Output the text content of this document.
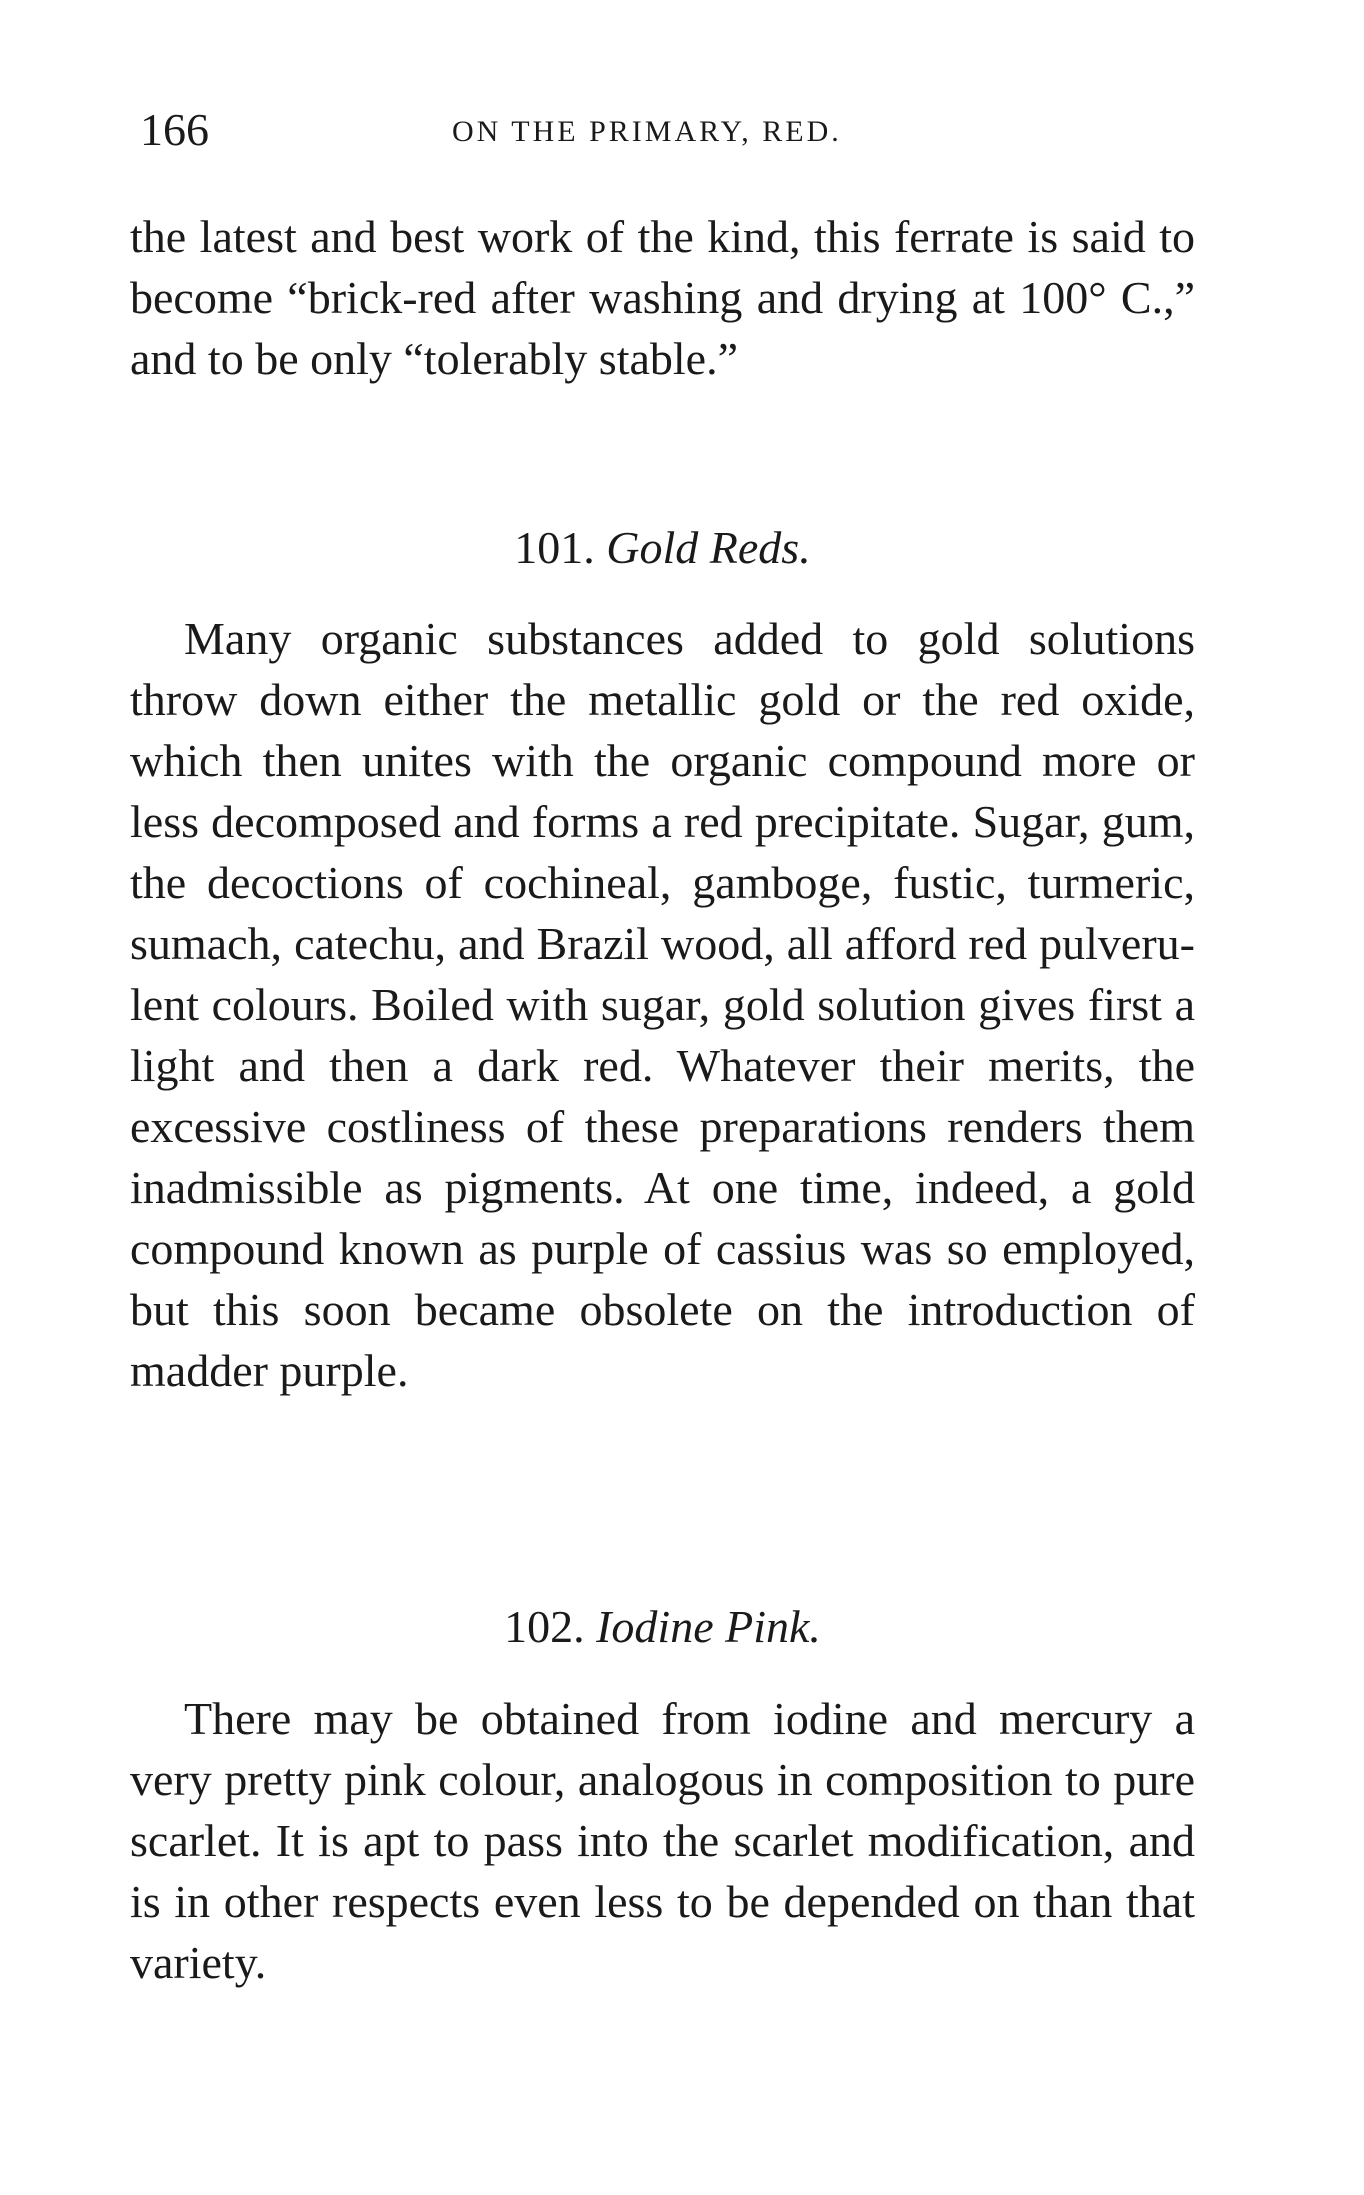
166	ON THE PRIMARY, RED.

the latest and best work of the kind, this ferrate is said to become “brick-red after washing and drying at 100° C.,” and to be only “tolerably stable.”

101. Gold Reds.

Many organic substances added to gold solutions throw down either the metallic gold or the red oxide, which then unites with the organic compound more or less decomposed and forms a red precipitate. Sugar, gum, the decoctions of cochineal, gamboge, fustic, turmeric, sumach, catechu, and Brazil wood, all afford red pulverulent colours. Boiled with sugar, gold solution gives first a light and then a dark red. Whatever their merits, the excessive costliness of these preparations renders them inadmissible as pigments. At one time, indeed, a gold compound known as purple of cassius was so employed, but this soon became obsolete on the introduction of madder purple.

102. Iodine Pink.

There may be obtained from iodine and mercury a very pretty pink colour, analogous in composition to pure scarlet. It is apt to pass into the scarlet modification, and is in other respects even less to be depended on than that variety.
